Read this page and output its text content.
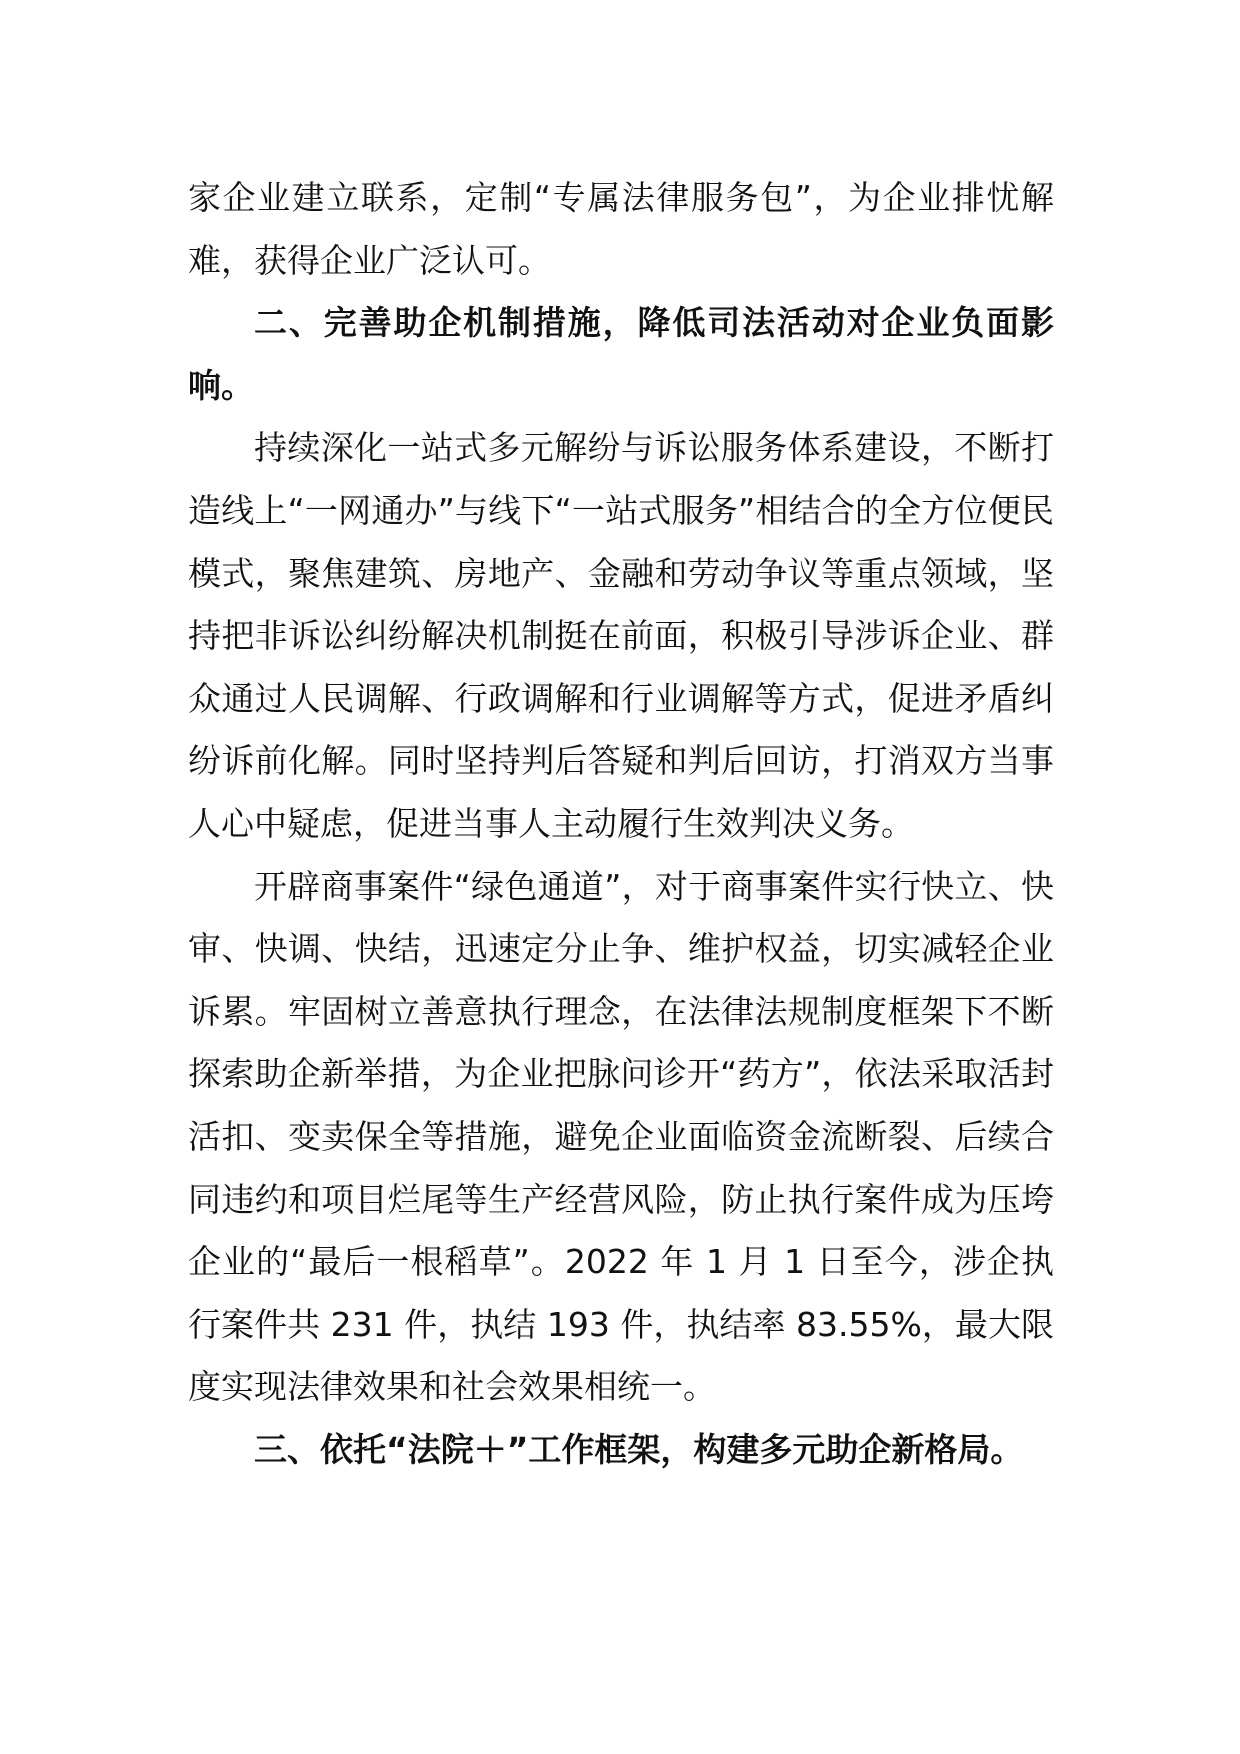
家企业建立联系，定制“专属法律服务包”，为企业排忧解难，获得企业广泛认可。

二、完善助企机制措施，降低司法活动对企业负面影响。

持续深化一站式多元解纷与诉讼服务体系建设，不断打造线上“一网通办”与线下“一站式服务”相结合的全方位便民模式，聚焦建筑、房地产、金融和劳动争议等重点领域，坚持把非诉讼纠纷解决机制挺在前面，积极引导涉诉企业、群众通过人民调解、行政调解和行业调解等方式，促进矛盾纠纷诉前化解。同时坚持判后答疑和判后回访，打消双方当事人心中疑虑，促进当事人主动履行生效判决义务。

开辟商事案件“绿色通道”，对于商事案件实行快立、快审、快调、快结，迅速定分止争、维护权益，切实减轻企业诉累。牢固树立善意执行理念，在法律法规制度框架下不断探索助企新举措，为企业把脉问诊开“药方”，依法采取活封活扣、变卖保全等措施，避免企业面临资金流断裂、后续合同违约和项目烂尾等生产经营风险，防止执行案件成为压垮企业的“最后一根稻草”。2022 年 1 月 1 日至今，涉企执行案件共 231 件，执结 193 件，执结率 83.55%，最大限度实现法律效果和社会效果相统一。

三、依托“法院＋”工作框架，构建多元助企新格局。
